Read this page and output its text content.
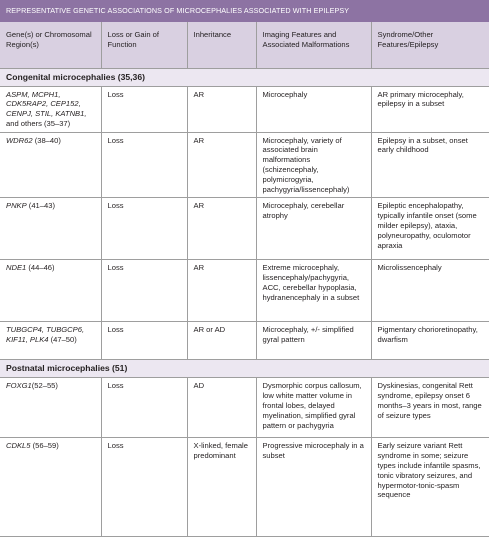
REPRESENTATIVE GENETIC ASSOCIATIONS OF MICROCEPHALIES ASSOCIATED WITH EPILEPSY
Gene(s) or Chromosomal Region(s)	Loss or Gain of Function	Inheritance	Imaging Features and Associated Malformations	Syndrome/Other Features/Epilepsy
Congenital microcephalies (35,36)				
ASPM, MCPH1, CDK5RAP2, CEP152, CENPJ, STIL, KATNB1, and others (35–37)	Loss	AR	Microcephaly	AR primary microcephaly, epilepsy in a subset
WDR62 (38–40)	Loss	AR	Microcephaly, variety of associated brain malformations (schizencephaly, polymicrogyria, pachygyria/lissencephaly)	Epilepsy in a subset, onset early childhood
PNKP (41–43)	Loss	AR	Microcephaly, cerebellar atrophy	Epileptic encephalopathy, typically infantile onset (some milder epilepsy), ataxia, polyneuropathy, oculomotor apraxia
NDE1 (44–46)	Loss	AR	Extreme microcephaly, lissencephaly/pachygyria, ACC, cerebellar hypoplasia, hydranencephaly in a subset	Microlissencephaly
TUBGCP4, TUBGCP6, KIF11, PLK4 (47–50)	Loss	AR or AD	Microcephaly, +/- simplified gyral pattern	Pigmentary chorioretinopathy, dwarfism
Postnatal microcephalies (51)				
FOXG1(52–55)	Loss	AD	Dysmorphic corpus callosum, low white matter volume in frontal lobes, delayed myelination, simplified gyral pattern or pachygyria	Dyskinesias, congenital Rett syndrome, epilepsy onset 6 months–3 years in most, range of seizure types
CDKL5 (56–59)	Loss	X-linked, female predominant	Progressive microcephaly in a subset	Early seizure variant Rett syndrome in some; seizure types include infantile spasms, tonic vibratory seizures, and hypermotor-tonic-spasm sequence
